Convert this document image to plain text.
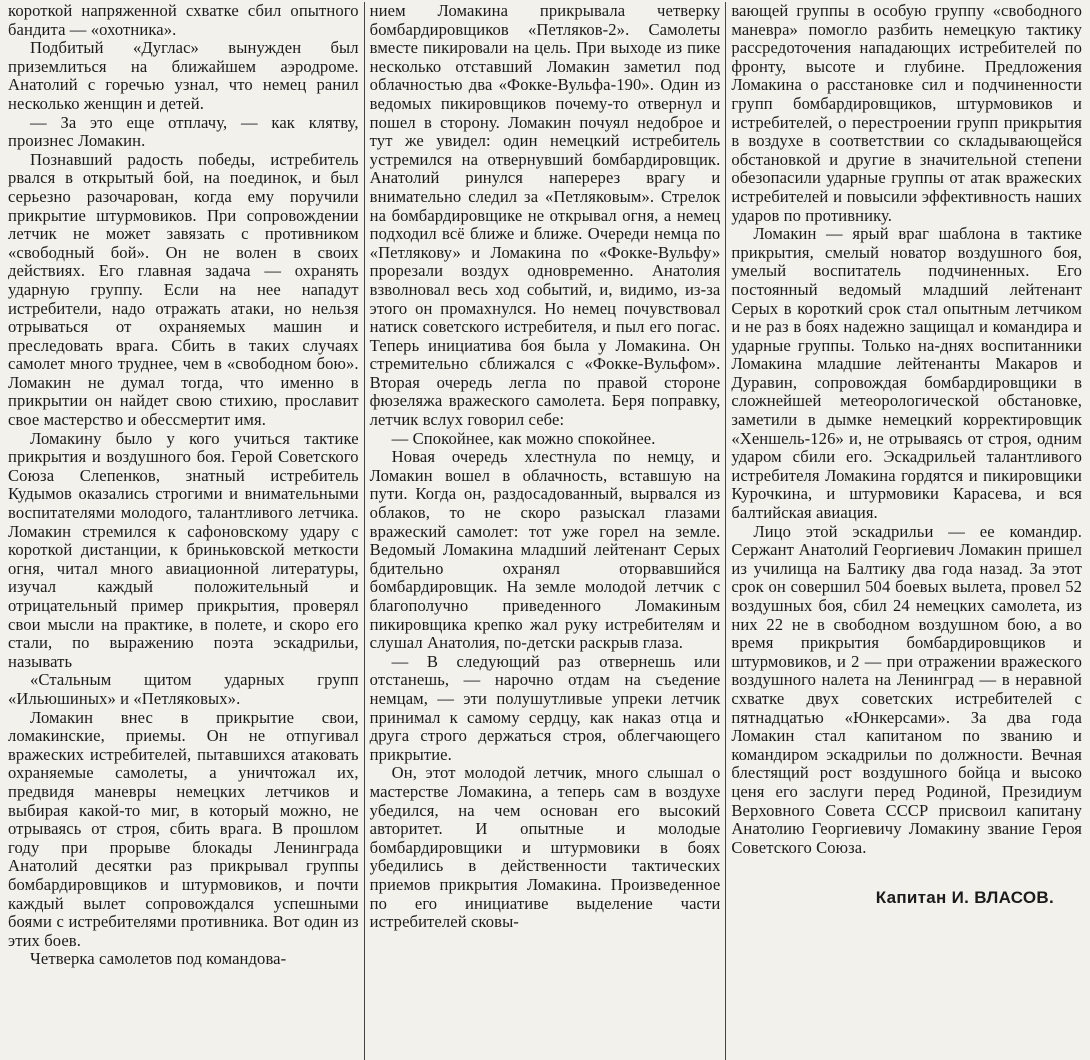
короткой напряженной схватке сбил опытного бандита — «охотника».

Подбитый «Дуглас» вынужден был приземлиться на ближайшем аэродроме. Анатолий с горечью узнал, что немец ранил несколько женщин и детей.

— За это еще отплачу, — как клятву, произнес Ломакин.

Познавший радость победы, истребитель рвался в открытый бой, на поединок, и был серьезно разочарован, когда ему поручили прикрытие штурмовиков. При сопровождении летчик не может завязать с противником «свободный бой». Он не волен в своих действиях. Его главная задача — охранять ударную группу. Если на нее нападут истребители, надо отражать атаки, но нельзя отрываться от охраняемых машин и преследовать врага. Сбить в таких случаях самолет много труднее, чем в «свободном бою». Ломакин не думал тогда, что именно в прикрытии он найдет свою стихию, прославит свое мастерство и обессмертит имя.

Ломакину было у кого учиться тактике прикрытия и воздушного боя. Герой Советского Союза Слепенков, знатный истребитель Кудымов оказались строгими и внимательными воспитателями молодого, талантливого летчика. Ломакин стремился к сафоновскому удару с короткой дистанции, к бриньковской меткости огня, читал много авиационной литературы, изучал каждый положительный и отрицательный пример прикрытия, проверял свои мысли на практике, в полете, и скоро его стали, по выражению поэта эскадрильи, называть

«Стальным щитом ударных групп «Ильюшиных» и «Петляковых».

Ломакин внес в прикрытие свои, ломакинские, приемы. Он не отпугивал вражеских истребителей, пытавшихся атаковать охраняемые самолеты, а уничтожал их, предвидя маневры немецких летчиков и выбирая какой-то миг, в который можно, не отрываясь от строя, сбить врага. В прошлом году при прорыве блокады Ленинграда Анатолий десятки раз прикрывал группы бомбардировщиков и штурмовиков, и почти каждый вылет сопровождался успешными боями с истребителями противника. Вот один из этих боев.

Четверка самолетов под командова-

нием Ломакина прикрывала четверку бомбардировщиков «Петляков-2». Самолеты вместе пикировали на цель. При выходе из пике несколько отставший Ломакин заметил под облачностью два «Фокке-Вульфа-190». Один из ведомых пикировщиков почему-то отвернул и пошел в сторону. Ломакин почуял недоброе и тут же увидел: один немецкий истребитель устремился на отвернувший бомбардировщик. Анатолий ринулся наперерез врагу и внимательно следил за «Петляковым». Стрелок на бомбардировщике не открывал огня, а немец подходил всё ближе и ближе. Очереди немца по «Петлякову» и Ломакина по «Фокке-Вульфу» прорезали воздух одновременно. Анатолия взволновал весь ход событий, и, видимо, из-за этого он промахнулся. Но немец почувствовал натиск советского истребителя, и пыл его погас. Теперь инициатива боя была у Ломакина. Он стремительно сближался с «Фокке-Вульфом». Вторая очередь легла по правой стороне фюзеляжа вражеского самолета. Беря поправку, летчик вслух говорил себе:

— Спокойнее, как можно спокойнее.

Новая очередь хлестнула по немцу, и Ломакин вошел в облачность, вставшую на пути. Когда он, раздосадованный, вырвался из облаков, то не скоро разыскал глазами вражеский самолет: тот уже горел на земле. Ведомый Ломакина младший лейтенант Серых бдительно охранял оторвавшийся бомбардировщик. На земле молодой летчик с благополучно приведенного Ломакиным пикировщика крепко жал руку истребителям и слушал Анатолия, по-детски раскрыв глаза.

— В следующий раз отвернешь или отстанешь, — нарочно отдам на съедение немцам, — эти полушутливые упреки летчик принимал к самому сердцу, как наказ отца и друга строго держаться строя, облегчающего прикрытие.

Он, этот молодой летчик, много слышал о мастерстве Ломакина, а теперь сам в воздухе убедился, на чем основан его высокий авторитет. И опытные и молодые бомбардировщики и штурмовики в боях убедились в действенности тактических приемов прикрытия Ломакина. Произведенное по его инициативе выделение части истребителей сковы-

вающей группы в особую группу «свободного маневра» помогло разбить немецкую тактику рассредоточения нападающих истребителей по фронту, высоте и глубине. Предложения Ломакина о расстановке сил и подчиненности групп бомбардировщиков, штурмовиков и истребителей, о перестроении групп прикрытия в воздухе в соответствии со складывающейся обстановкой и другие в значительной степени обезопасили ударные группы от атак вражеских истребителей и повысили эффективность наших ударов по противнику.

Ломакин — ярый враг шаблона в тактике прикрытия, смелый новатор воздушного боя, умелый воспитатель подчиненных. Его постоянный ведомый младший лейтенант Серых в короткий срок стал опытным летчиком и не раз в боях надежно защищал и командира и ударные группы. Только на-днях воспитанники Ломакина младшие лейтенанты Макаров и Дуравин, сопровождая бомбардировщики в сложнейшей метеорологической обстановке, заметили в дымке немецкий корректировщик «Хеншель-126» и, не отрываясь от строя, одним ударом сбили его. Эскадрильей талантливого истребителя Ломакина гордятся и пикировщики Курочкина, и штурмовики Карасева, и вся балтийская авиация.

Лицо этой эскадрильи — ее командир. Сержант Анатолий Георгиевич Ломакин пришел из училища на Балтику два года назад. За этот срок он совершил 504 боевых вылета, провел 52 воздушных боя, сбил 24 немецких самолета, из них 22 не в свободном воздушном бою, а во время прикрытия бомбардировщиков и штурмовиков, и 2 — при отражении вражеского воздушного налета на Ленинград — в неравной схватке двух советских истребителей с пятнадцатью «Юнкерсами». За два года Ломакин стал капитаном по званию и командиром эскадрильи по должности. Вечная блестящий рост воздушного бойца и высоко ценя его заслуги перед Родиной, Президиум Верховного Совета СССР присвоил капитану Анатолию Георгиевичу Ломакину звание Героя Советского Союза.

Капитан И. ВЛАСОВ.
